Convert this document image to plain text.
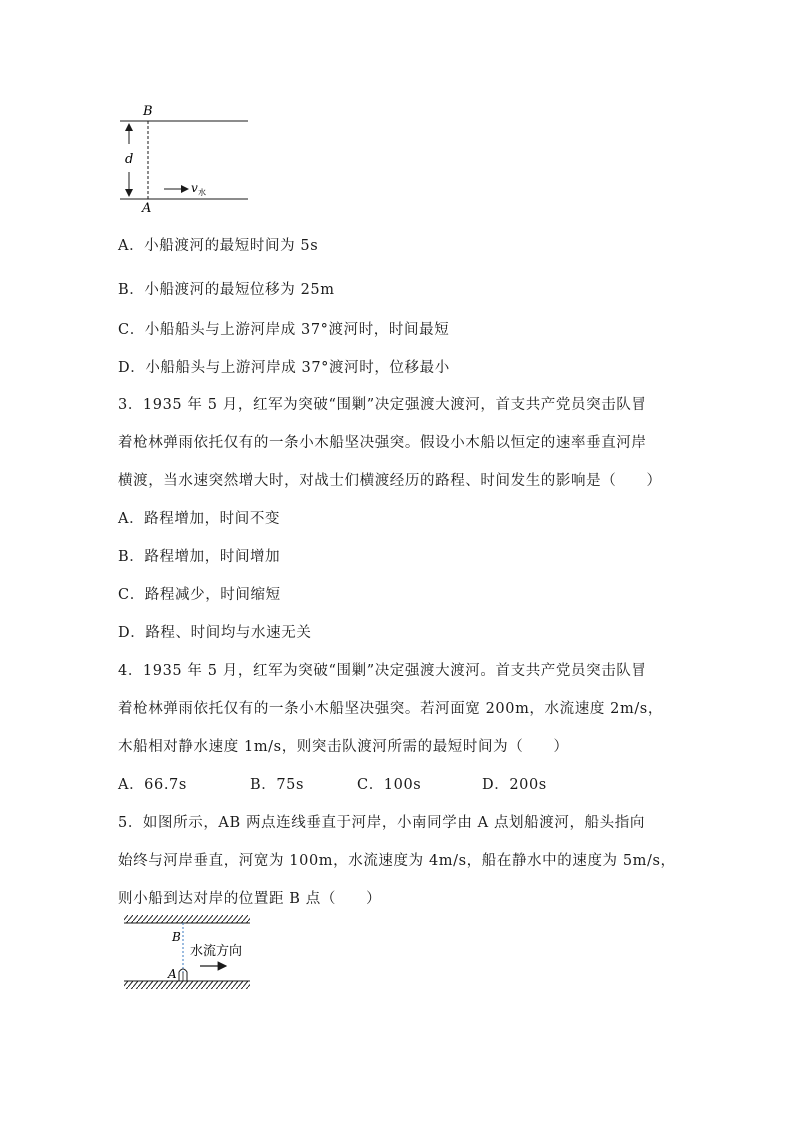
d
B
A
v 水
A．小船渡河的最短时间为 5s
B．小船渡河的最短位移为 25m
C．小船船头与上游河岸成 37°渡河时，时间最短
D．小船船头与上游河岸成 37°渡河时，位移最小
3．1935 年 5 月，红军为突破“围剿”决定强渡大渡河，首支共产党员突击队冒
着枪林弹雨依托仅有的一条小木船坚决强突。假设小木船以恒定的速率垂直河岸
横渡，当水速突然增大时，对战士们横渡经历的路程、时间发生的影响是（　　）
A．路程增加，时间不变
B．路程增加，时间增加
C．路程减少，时间缩短
D．路程、时间均与水速无关
4．1935 年 5 月，红军为突破“围剿”决定强渡大渡河。首支共产党员突击队冒
着枪林弹雨依托仅有的一条小木船坚决强突。若河面宽 200m，水流速度 2m/s，
木船相对静水速度 1m/s，则突击队渡河所需的最短时间为（　　）
A．66.7s	B．75s	C．100s	D．200s
5．如图所示，AB 两点连线垂直于河岸，小南同学由 A 点划船渡河，船头指向
始终与河岸垂直，河宽为 100m，水流速度为 4m/s，船在静水中的速度为 5m/s，
则小船到达对岸的位置距 B 点（　　）
B
A
水流方向
